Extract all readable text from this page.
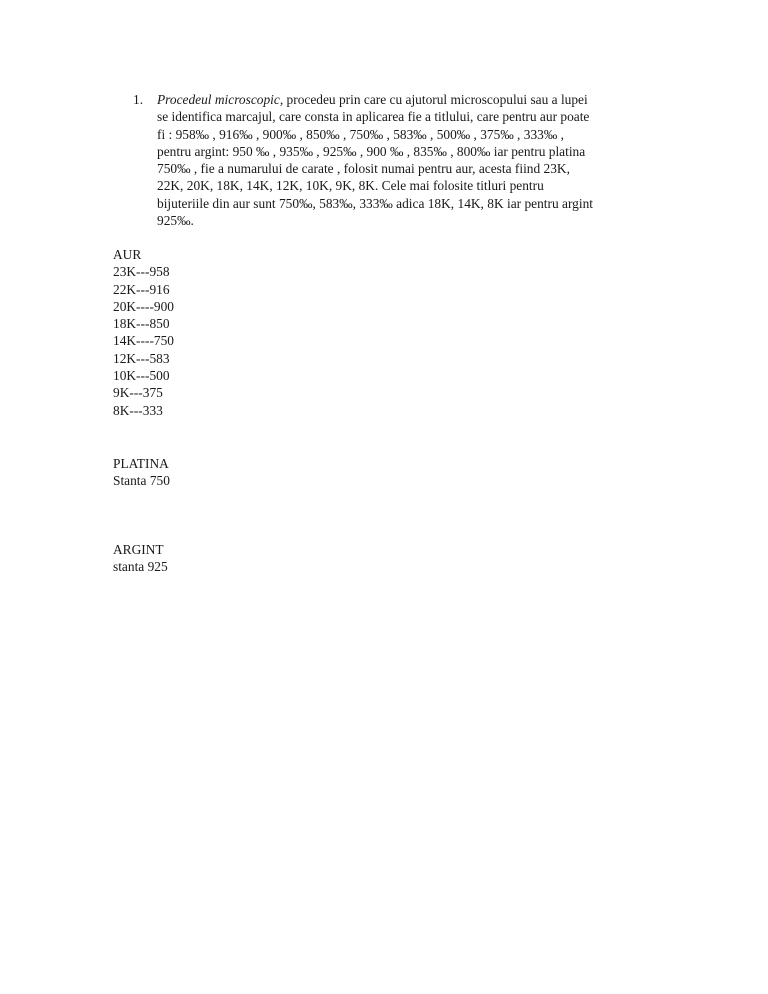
1.	Procedeul microscopic, procedeu prin care cu ajutorul microscopului sau a lupei
se identifica marcajul, care consta in aplicarea fie a titlului, care pentru aur poate
fi : 958‰ , 916‰ , 900‰ , 850‰ , 750‰ , 583‰ , 500‰ , 375‰ , 333‰ ,
pentru argint: 950 ‰ , 935‰ , 925‰ , 900 ‰ , 835‰ , 800‰ iar pentru platina
750‰ , fie a numarului de carate , folosit numai pentru aur, acesta fiind 23K,
22K, 20K, 18K, 14K, 12K, 10K, 9K, 8K. Cele mai folosite titluri pentru
bijuteriile din aur sunt 750‰, 583‰, 333‰ adica 18K, 14K, 8K iar pentru argint
925‰.
AUR
23K---958
22K---916
20K----900
18K---850
14K----750
12K---583
10K---500
9K---375
8K---333
PLATINA
Stanta 750
ARGINT
stanta 925
